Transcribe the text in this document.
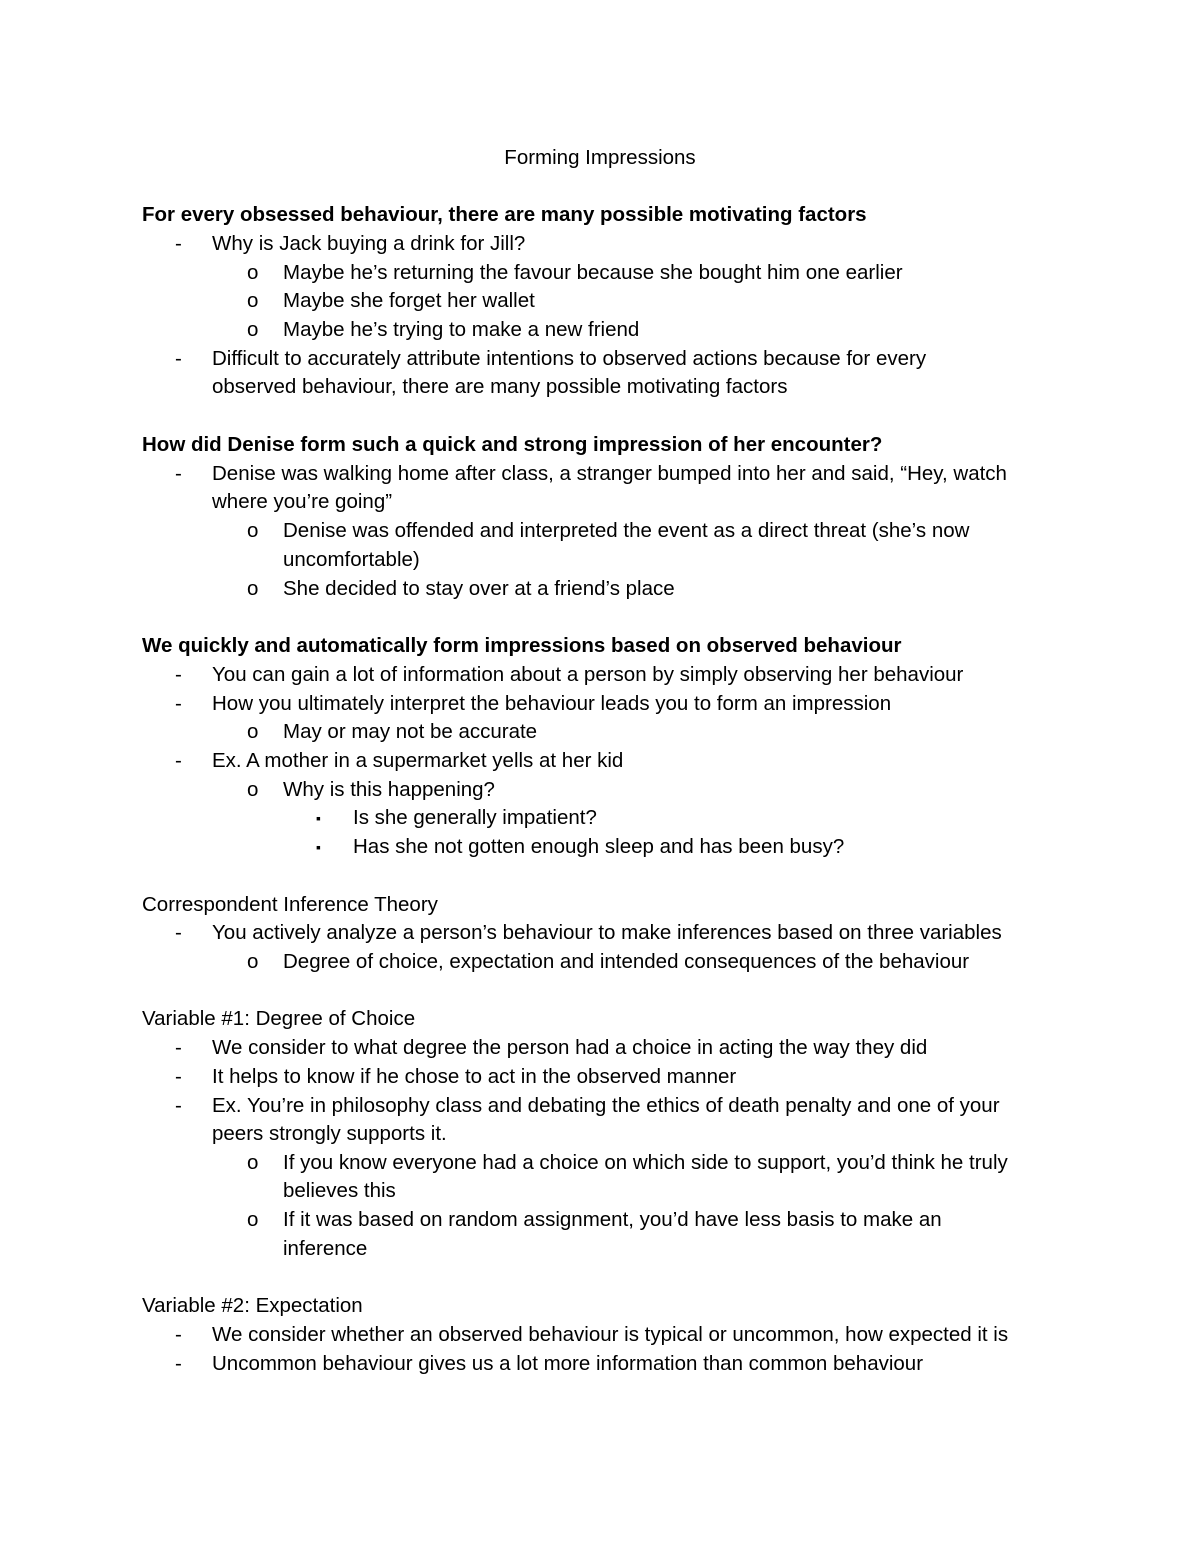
Forming Impressions
For every obsessed behaviour, there are many possible motivating factors
- Why is Jack buying a drink for Jill?
o Maybe he’s returning the favour because she bought him one earlier
o Maybe she forget her wallet
o Maybe he’s trying to make a new friend
- Difficult to accurately attribute intentions to observed actions because for every
observed behaviour, there are many possible motivating factors
How did Denise form such a quick and strong impression of her encounter?
- Denise was walking home after class, a stranger bumped into her and said, “Hey, watch
where you’re going”
o Denise was offended and interpreted the event as a direct threat (she’s now
uncomfortable)
o She decided to stay over at a friend’s place
We quickly and automatically form impressions based on observed behaviour
- You can gain a lot of information about a person by simply observing her behaviour
- How you ultimately interpret the behaviour leads you to form an impression
o May or may not be accurate
- Ex. A mother in a supermarket yells at her kid
o Why is this happening?
▪ Is she generally impatient?
▪ Has she not gotten enough sleep and has been busy?
Correspondent Inference Theory
- You actively analyze a person’s behaviour to make inferences based on three variables
o Degree of choice, expectation and intended consequences of the behaviour
Variable #1: Degree of Choice
- We consider to what degree the person had a choice in acting the way they did
- It helps to know if he chose to act in the observed manner
- Ex. You’re in philosophy class and debating the ethics of death penalty and one of your
peers strongly supports it.
o If you know everyone had a choice on which side to support, you’d think he truly
believes this
o If it was based on random assignment, you’d have less basis to make an
inference
Variable #2: Expectation
- We consider whether an observed behaviour is typical or uncommon, how expected it is
- Uncommon behaviour gives us a lot more information than common behaviour
